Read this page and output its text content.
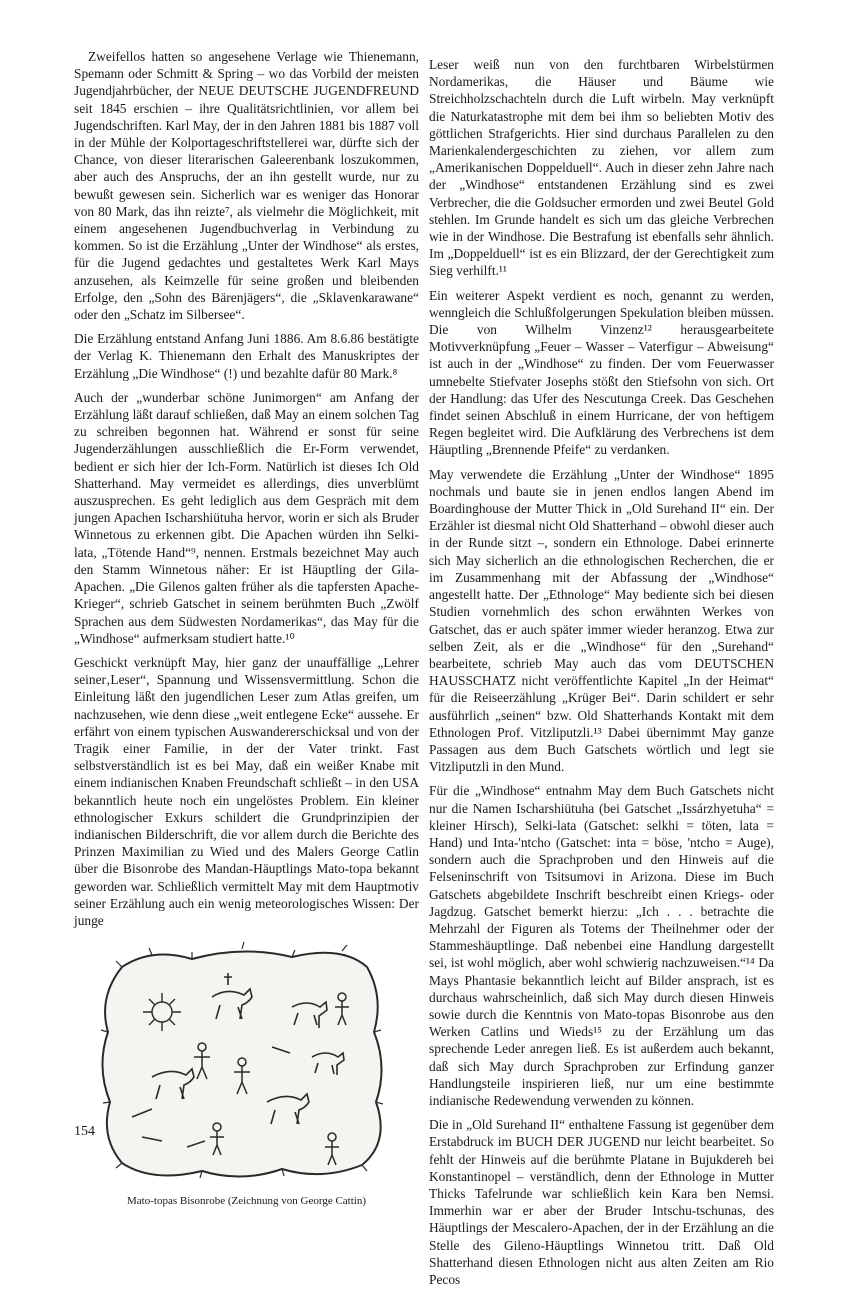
Zweifellos hatten so angesehene Verlage wie Thienemann, Spemann oder Schmitt & Spring – wo das Vorbild der meisten Jugendjahrbücher, der NEUE DEUTSCHE JUGENDFREUND seit 1845 erschien – ihre Qualitätsrichtlinien, vor allem bei Jugendschriften. Karl May, der in den Jahren 1881 bis 1887 voll in der Mühle der Kolportageschriftstellerei war, dürfte sich der Chance, von dieser literarischen Galeerenbank loszukommen, aber auch des Anspruchs, der an ihn gestellt wurde, nur zu bewußt gewesen sein. Sicherlich war es weniger das Honorar von 80 Mark, das ihn reizte⁷, als vielmehr die Möglichkeit, mit einem angesehenen Jugendbuchverlag in Verbindung zu kommen. So ist die Erzählung „Unter der Windhose“ als erstes, für die Jugend gedachtes und gestaltetes Werk Karl Mays anzusehen, als Keimzelle für seine großen und bleibenden Erfolge, den „Sohn des Bärenjägers“, die „Sklavenkarawane“ oder den „Schatz im Silbersee“.

Die Erzählung entstand Anfang Juni 1886. Am 8.6.86 bestätigte der Verlag K. Thienemann den Erhalt des Manuskriptes der Erzählung „Die Windhose“ (!) und bezahlte dafür 80 Mark.⁸

Auch der „wunderbar schöne Junimorgen“ am Anfang der Erzählung läßt darauf schließen, daß May an einem solchen Tag zu schreiben begonnen hat. Während er sonst für seine Jugenderzählungen ausschließlich die Er-Form verwendet, bedient er sich hier der Ich-Form. Natürlich ist dieses Ich Old Shatterhand. May vermeidet es allerdings, dies unverblümt auszusprechen. Es geht lediglich aus dem Gespräch mit dem jungen Apachen Ischarshiütuha hervor, worin er sich als Bruder Winnetous zu erkennen gibt. Die Apachen würden ihn Selki-lata, „Tötende Hand“⁹, nennen. Erstmals bezeichnet May auch den Stamm Winnetous näher: Er ist Häuptling der Gila-Apachen. „Die Gilenos galten früher als die tapfersten Apache-Krieger“, schrieb Gatschet in seinem berühmten Buch „Zwölf Sprachen aus dem Südwesten Nordamerikas“, das May für die „Windhose“ aufmerksam studiert hatte.¹⁰

Geschickt verknüpft May, hier ganz der unauffällige „Lehrer seiner‚Leser“, Spannung und Wissensvermittlung. Schon die Einleitung läßt den jugendlichen Leser zum Atlas greifen, um nachzusehen, wie denn diese „weit entlegene Ecke“ aussehe. Er erfährt von einem typischen Auswandererschicksal und von der Tragik einer Familie, in der der Vater trinkt. Fast selbstverständlich ist es bei May, daß ein weißer Knabe mit einem indianischen Knaben Freundschaft schließt – in den USA bekanntlich heute noch ein ungelöstes Problem. Ein kleiner ethnologischer Exkurs schildert die Grundprinzipien der indianischen Bilderschrift, die vor allem durch die Berichte des Prinzen Maximilian zu Wied und des Malers George Catlin über die Bisonrobe des Mandan-Häuptlings Mato-topa bekannt geworden war. Schließlich vermittelt May mit dem Hauptmotiv seiner Erzählung auch ein wenig meteorologisches Wissen: Der junge

Mato-topas Bisonrobe (Zeichnung von George Cattin)

Leser weiß nun von den furchtbaren Wirbelstürmen Nordamerikas, die Häuser und Bäume wie Streichholzschachteln durch die Luft wirbeln. May verknüpft die Naturkatastrophe mit dem bei ihm so beliebten Motiv des göttlichen Strafgerichts. Hier sind durchaus Parallelen zu den Marienkalendergeschichten zu ziehen, vor allem zum „Amerikanischen Doppelduell“. Auch in dieser zehn Jahre nach der „Windhose“ entstandenen Erzählung sind es zwei Verbrecher, die die Goldsucher ermorden und zwei Beutel Gold stehlen. Im Grunde handelt es sich um das gleiche Verbrechen wie in der Windhose. Die Bestrafung ist ebenfalls sehr ähnlich. Im „Doppelduell“ ist es ein Blizzard, der der Gerechtigkeit zum Sieg verhilft.¹¹

Ein weiterer Aspekt verdient es noch, genannt zu werden, wenngleich die Schlußfolgerungen Spekulation bleiben müssen. Die von Wilhelm Vinzenz¹² herausgearbeitete Motivverknüpfung „Feuer – Wasser – Vaterfigur – Abweisung“ ist auch in der „Windhose“ zu finden. Der vom Feuerwasser umnebelte Stiefvater Josephs stößt den Stiefsohn von sich. Ort der Handlung: das Ufer des Nescutunga Creek. Das Geschehen findet seinen Abschluß in einem Hurricane, der von heftigem Regen begleitet wird. Die Aufklärung des Verbrechens ist dem Häuptling „Brennende Pfeife“ zu verdanken.

May verwendete die Erzählung „Unter der Windhose“ 1895 nochmals und baute sie in jenen endlos langen Abend im Boardinghouse der Mutter Thick in „Old Surehand II“ ein. Der Erzähler ist diesmal nicht Old Shatterhand – obwohl dieser auch in der Runde sitzt –, sondern ein Ethnologe. Dabei erinnerte sich May sicherlich an die ethnologischen Recherchen, die er im Zusammenhang mit der Abfassung der „Windhose“ angestellt hatte. Der „Ethnologe“ May bediente sich bei diesen Studien vornehmlich des schon erwähnten Werkes von Gatschet, das er auch später immer wieder heranzog. Etwa zur selben Zeit, als er die „Windhose“ für den „Surehand“ bearbeitete, schrieb May auch das vom DEUTSCHEN HAUSSCHATZ nicht veröffentlichte Kapitel „In der Heimat“ für die Reiseerzählung „Krüger Bei“. Darin schildert er sehr ausführlich „seinen“ bzw. Old Shatterhands Kontakt mit dem Ethnologen Prof. Vitzliputzli.¹³ Dabei übernimmt May ganze Passagen aus dem Buch Gatschets wörtlich und legt sie Vitzliputzli in den Mund.

Für die „Windhose“ entnahm May dem Buch Gatschets nicht nur die Namen Ischarshiütuha (bei Gatschet „Issárzhyetuha“ = kleiner Hirsch), Selki-lata (Gatschet: selkhi = töten, lata = Hand) und Inta-'ntcho (Gatschet: inta = böse, 'ntcho = Auge), sondern auch die Sprachproben und den Hinweis auf die Felseninschrift von Tsitsumovi in Arizona. Diese im Buch Gatschets abgebildete Inschrift beschreibt einen Kriegs- oder Jagdzug. Gatschet bemerkt hierzu: „Ich . . . betrachte die Mehrzahl der Figuren als Totems der Theilnehmer oder der Stammeshäuptlinge. Daß nebenbei eine Handlung dargestellt sei, ist wohl möglich, aber wohl schwierig nachzuweisen.“¹⁴ Da Mays Phantasie bekanntlich leicht auf Bilder ansprach, ist es durchaus wahrscheinlich, daß sich May durch diesen Hinweis sowie durch die Kenntnis von Mato-topas Bisonrobe aus den Werken Catlins und Wieds¹⁵ zu der Erzählung um das sprechende Leder anregen ließ. Es ist außerdem auch bekannt, daß sich May durch Sprachproben zur Erfindung ganzer Handlungsteile inspirieren ließ, nur um eine bestimmte indianische Redewendung verwenden zu können.

Die in „Old Surehand II“ enthaltene Fassung ist gegenüber dem Erstabdruck im BUCH DER JUGEND nur leicht bearbeitet. So fehlt der Hinweis auf die berühmte Platane in Bujukdereh bei Konstantinopel – verständlich, denn der Ethnologe in Mutter Thicks Tafelrunde war schließlich kein Kara ben Nemsi. Immerhin war er aber der Bruder Intschu-tschunas, des Häuptlings der Mescalero-Apachen, der in der Erzählung an die Stelle des Gileno-Häuptlings Winnetou tritt. Daß Old Shatterhand diesen Ethnologen nicht aus alten Zeiten am Rio Pecos

154
